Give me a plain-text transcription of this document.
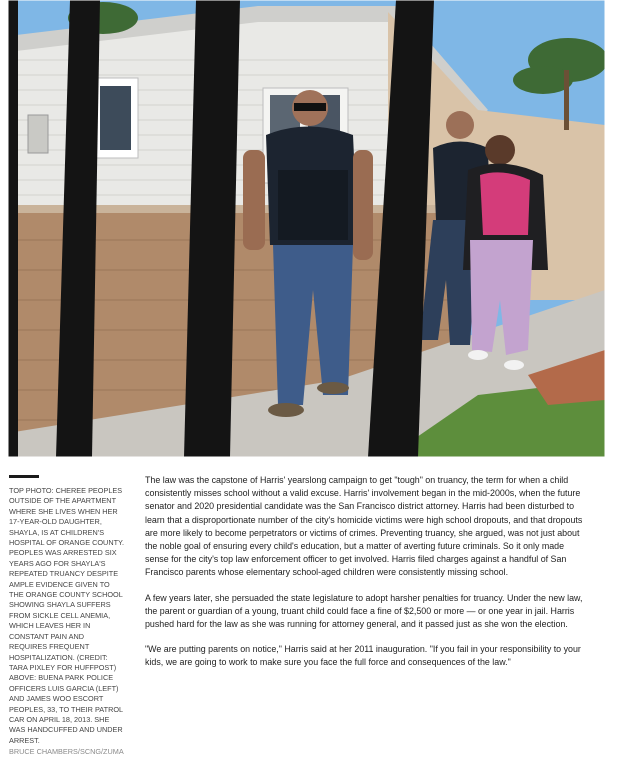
TOP PHOTO: CHEREE PEOPLES OUTSIDE OF THE APARTMENT WHERE SHE LIVES WHEN HER 17-YEAR-OLD DAUGHTER, SHAYLA, IS AT CHILDREN'S HOSPITAL OF ORANGE COUNTY. PEOPLES WAS ARRESTED SIX YEARS AGO FOR SHAYLA'S REPEATED TRUANCY DESPITE AMPLE EVIDENCE GIVEN TO THE ORANGE COUNTY SCHOOL SHOWING SHAYLA SUFFERS FROM SICKLE CELL ANEMIA, WHICH LEAVES HER IN CONSTANT PAIN AND REQUIRES FREQUENT HOSPITALIZATION. (CREDIT: TARA PIXLEY FOR HUFFPOST)

ABOVE: BUENA PARK POLICE OFFICERS LUIS GARCIA (LEFT) AND JAMES WOO ESCORT PEOPLES, 33, TO THEIR PATROL CAR ON APRIL 18, 2013. SHE WAS HANDCUFFED AND UNDER ARREST.

BRUCE CHAMBERS/SCNG/ZUMA

The law was the capstone of Harris' yearslong campaign to get "tough" on truancy, the term for when a child consistently misses school without a valid excuse. Harris' involvement began in the mid-2000s, when the future senator and 2020 presidential candidate was the San Francisco district attorney. Harris had been disturbed to learn that a disproportionate number of the city's homicide victims were high school dropouts, and that dropouts are more likely to become perpetrators or victims of crimes. Preventing truancy, she argued, was not just about the noble goal of ensuring every child's education, but a matter of averting future criminals. So it only made sense for the city's top law enforcement officer to get involved. Harris filed charges against a handful of San Francisco parents whose elementary school-aged children were consistently missing school.

A few years later, she persuaded the state legislature to adopt harsher penalties for truancy. Under the new law, the parent or guardian of a young, truant child could face a fine of $2,500 or more — or one year in jail. Harris pushed hard for the law as she was running for attorney general, and it passed just as she won the election.

"We are putting parents on notice," Harris said at her 2011 inauguration. "If you fail in your responsibility to your kids, we are going to work to make sure you face the full force and consequences of the law."
